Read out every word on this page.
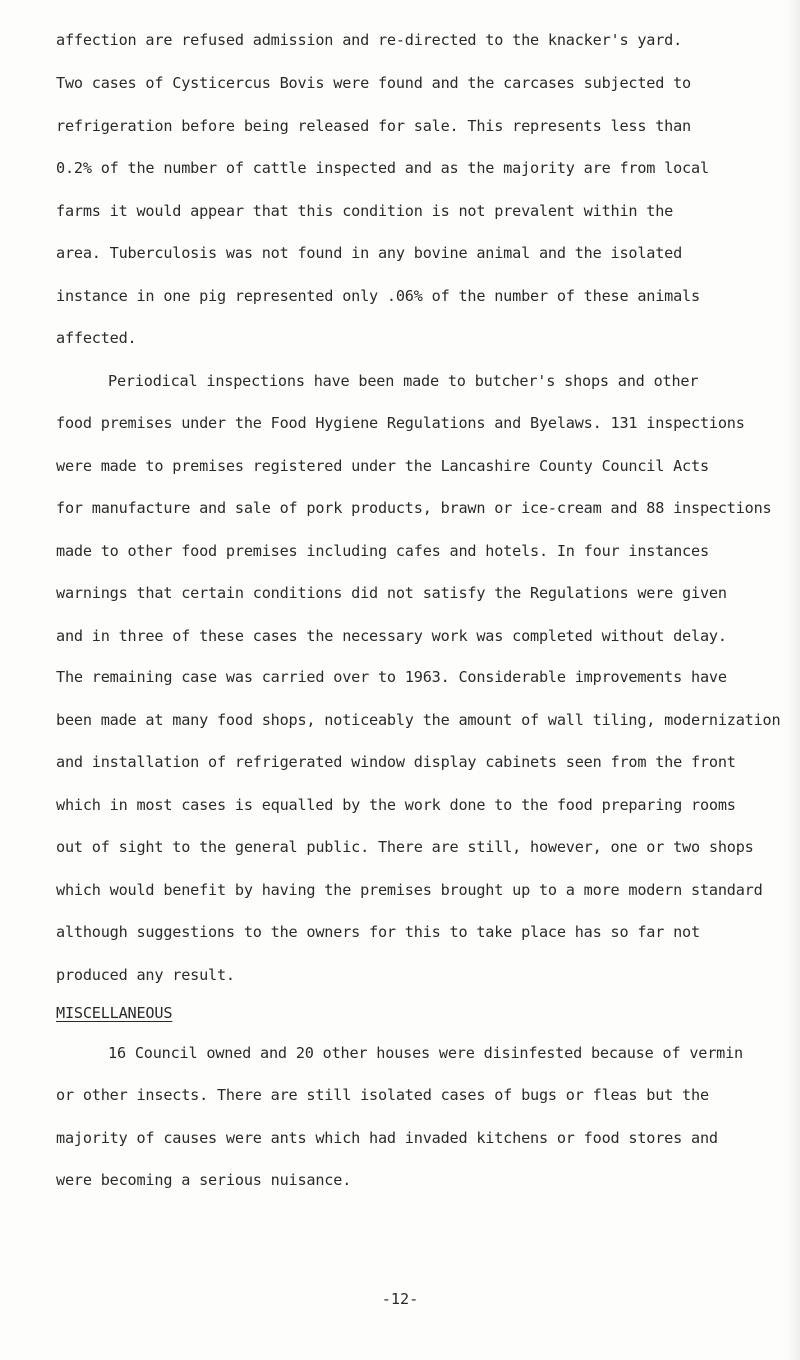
affection are refused admission and re-directed to the knacker's yard.
Two cases of Cysticercus Bovis were found and the carcases subjected to
refrigeration before being released for sale. This represents less than
0.2% of the number of cattle inspected and as the majority are from local
farms it would appear that this condition is not prevalent within the
area. Tuberculosis was not found in any bovine animal and the isolated
instance in one pig represented only .06% of the number of these animals
affected.
Periodical inspections have been made to butcher's shops and other
food premises under the Food Hygiene Regulations and Byelaws. 131 inspections
were made to premises registered under the Lancashire County Council Acts
for manufacture and sale of pork products, brawn or ice-cream and 88 inspections
made to other food premises including cafes and hotels. In four instances
warnings that certain conditions did not satisfy the Regulations were given
and in three of these cases the necessary work was completed without delay.
The remaining case was carried over to 1963. Considerable improvements have
been made at many food shops, noticeably the amount of wall tiling, modernization
and installation of refrigerated window display cabinets seen from the front
which in most cases is equalled by the work done to the food preparing rooms
out of sight to the general public. There are still, however, one or two shops
which would benefit by having the premises brought up to a more modern standard
although suggestions to the owners for this to take place has so far not
produced any result.
MISCELLANEOUS
16 Council owned and 20 other houses were disinfested because of vermin
or other insects. There are still isolated cases of bugs or fleas but the
majority of causes were ants which had invaded kitchens or food stores and
were becoming a serious nuisance.
-12-
